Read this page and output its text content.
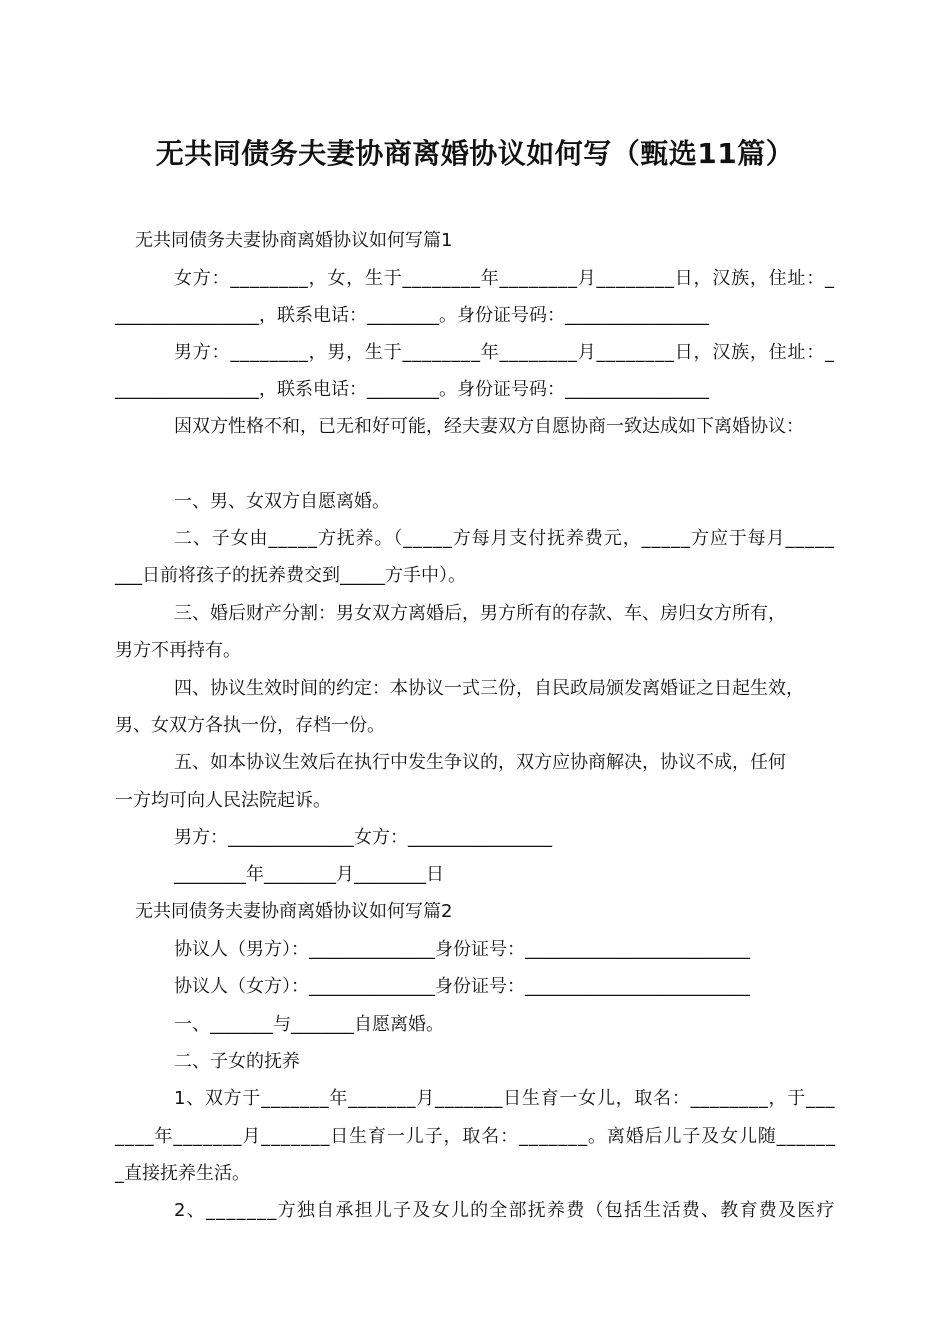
无共同债务夫妻协商离婚协议如何写（甄选11篇）
无共同债务夫妻协商离婚协议如何写篇1
女方：________，女，生于________年________月________日，汉族，住址：_
________________，联系电话：________。身份证号码：________________
男方：________，男，生于________年________月________日，汉族，住址：_
________________，联系电话：________。身份证号码：________________
因双方性格不和，已无和好可能，经夫妻双方自愿协商一致达成如下离婚协议：
一、男、女双方自愿离婚。
二、子女由_____方抚养。（_____方每月支付抚养费元，_____方应于每月_____
___日前将孩子的抚养费交到_____方手中）。
三、婚后财产分割：男女双方离婚后，男方所有的存款、车、房归女方所有，
男方不再持有。
四、协议生效时间的约定：本协议一式三份，自民政局颁发离婚证之日起生效，
男、女双方各执一份，存档一份。
五、如本协议生效后在执行中发生争议的，双方应协商解决，协议不成，任何
一方均可向人民法院起诉。
男方：______________女方：________________
________年________月________日
无共同债务夫妻协商离婚协议如何写篇2
协议人（男方）：______________身份证号：_________________________
协议人（女方）：______________身份证号：_________________________
一、_______与_______自愿离婚。
二、子女的抚养
1、双方于_______年_______月_______日生育一女儿，取名：________，于___
____年_______月_______日生育一儿子，取名：_______。离婚后儿子及女儿随______
_直接抚养生活。
2、_______方独自承担儿子及女儿的全部抚养费（包括生活费、教育费及医疗
